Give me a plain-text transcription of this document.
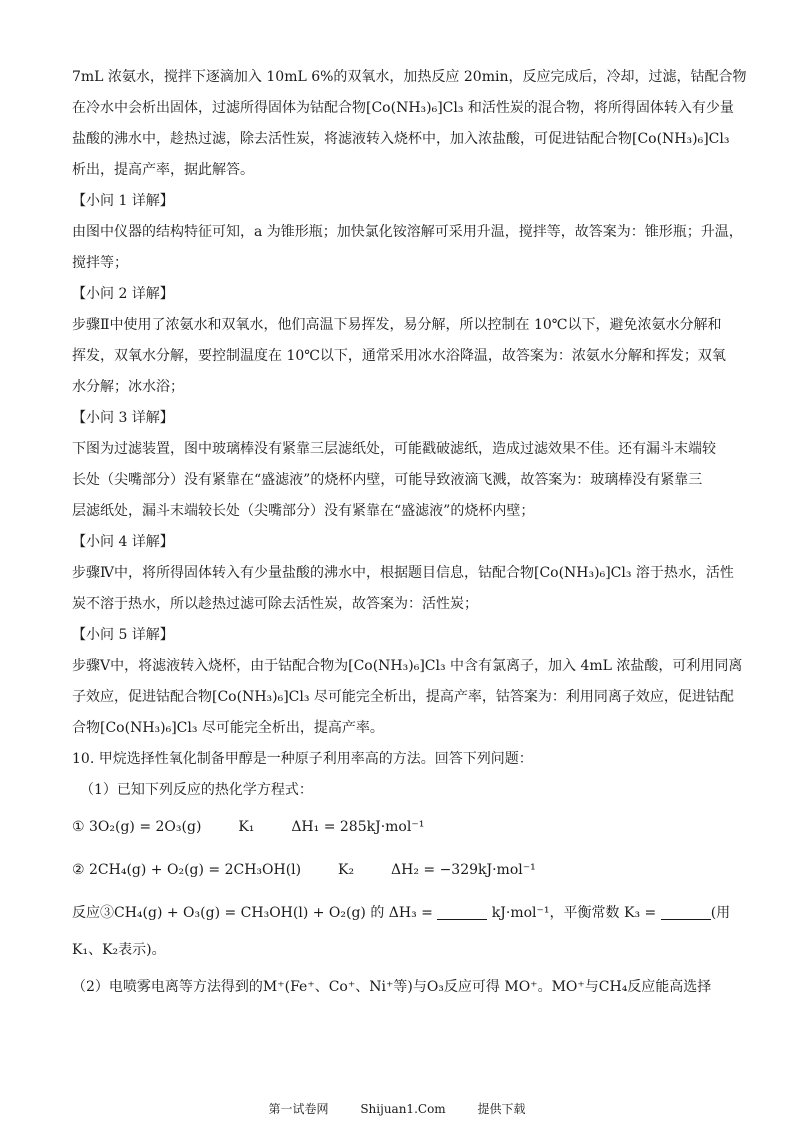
7mL 浓氨水，搅拌下逐滴加入 10mL 6%的双氧水，加热反应 20min，反应完成后，冷却，过滤，钴配合物
在冷水中会析出固体，过滤所得固体为钴配合物[Co(NH₃)₆]Cl₃ 和活性炭的混合物，将所得固体转入有少量
盐酸的沸水中，趁热过滤，除去活性炭，将滤液转入烧杯中，加入浓盐酸，可促进钴配合物[Co(NH₃)₆]Cl₃
析出，提高产率，据此解答。
【小问 1 详解】
由图中仪器的结构特征可知，a 为锥形瓶；加快氯化铵溶解可采用升温，搅拌等，故答案为：锥形瓶；升温，
搅拌等；
【小问 2 详解】
步骤Ⅱ中使用了浓氨水和双氧水，他们高温下易挥发，易分解，所以控制在 10℃以下，避免浓氨水分解和
挥发，双氧水分解，要控制温度在 10℃以下，通常采用冰水浴降温，故答案为：浓氨水分解和挥发；双氧
水分解；冰水浴；
【小问 3 详解】
下图为过滤装置，图中玻璃棒没有紧靠三层滤纸处，可能戳破滤纸，造成过滤效果不佳。还有漏斗末端较
长处（尖嘴部分）没有紧靠在“盛滤液”的烧杯内壁，可能导致液滴飞溅，故答案为：玻璃棒没有紧靠三
层滤纸处，漏斗末端较长处（尖嘴部分）没有紧靠在“盛滤液”的烧杯内壁；
【小问 4 详解】
步骤Ⅳ中，将所得固体转入有少量盐酸的沸水中，根据题目信息，钴配合物[Co(NH₃)₆]Cl₃ 溶于热水，活性
炭不溶于热水，所以趁热过滤可除去活性炭，故答案为：活性炭；
【小问 5 详解】
步骤Ⅴ中，将滤液转入烧杯，由于钴配合物为[Co(NH₃)₆]Cl₃ 中含有氯离子，加入 4mL 浓盐酸，可利用同离
子效应，促进钴配合物[Co(NH₃)₆]Cl₃ 尽可能完全析出，提高产率，钴答案为：利用同离子效应，促进钴配
合物[Co(NH₃)₆]Cl₃ 尽可能完全析出，提高产率。
10. 甲烷选择性氧化制备甲醇是一种原子利用率高的方法。回答下列问题：
（1）已知下列反应的热化学方程式：
① 3O₂(g) = 2O₃(g)	K₁	ΔH₁ = 285kJ·mol⁻¹
② 2CH₄(g) + O₂(g) = 2CH₃OH(l)	K₂	ΔH₂ = −329kJ·mol⁻¹
反应③CH₄(g) + O₃(g) = CH₃OH(l) + O₂(g) 的 ΔH₃ =	kJ·mol⁻¹，平衡常数 K₃ =	(用
K₁、K₂表示)。
（2）电喷雾电离等方法得到的M⁺(Fe⁺、Co⁺、Ni⁺等)与O₃反应可得 MO⁺。MO⁺与CH₄反应能高选择
第一试卷网	Shijuan1.Com	提供下载
